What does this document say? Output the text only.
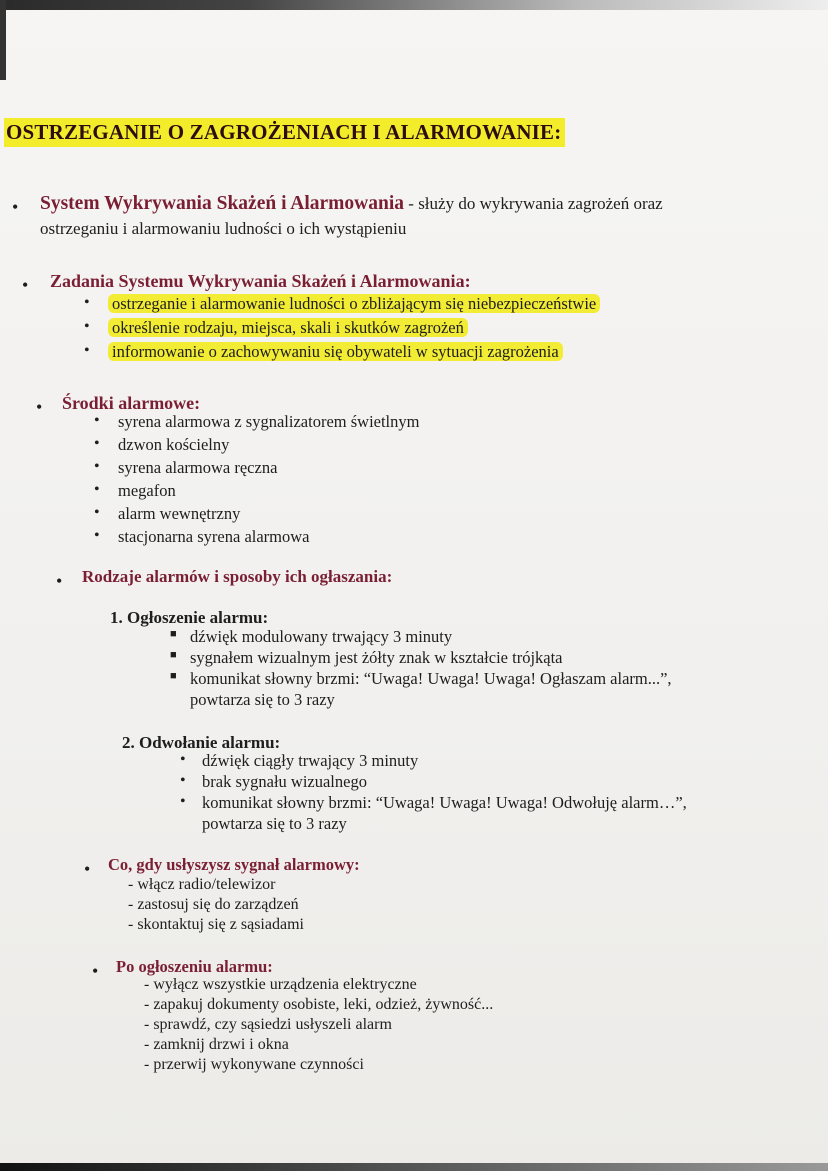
OSTRZEGANIE O ZAGROŻENIACH I ALARMOWANIE:
• System Wykrywania Skażeń i Alarmowania - służy do wykrywania zagrożeń oraz
ostrzeganiu i alarmowaniu ludności o ich wystąpieniu
• Zadania Systemu Wykrywania Skażeń i Alarmowania:
• ostrzeganie i alarmowanie ludności o zbliżającym się niebezpieczeństwie
• określenie rodzaju, miejsca, skali i skutków zagrożeń
• informowanie o zachowywaniu się obywateli w sytuacji zagrożenia
• Środki alarmowe:
• syrena alarmowa z sygnalizatorem świetlnym
• dzwon kościelny
• syrena alarmowa ręczna
• megafon
• alarm wewnętrzny
• stacjonarna syrena alarmowa
• Rodzaje alarmów i sposoby ich ogłaszania:
1. Ogłoszenie alarmu:
■ dźwięk modulowany trwający 3 minuty
■ sygnałem wizualnym jest żółty znak w kształcie trójkąta
■ komunikat słowny brzmi: “Uwaga! Uwaga! Uwaga! Ogłaszam alarm...”,
powtarza się to 3 razy
2. Odwołanie alarmu:
• dźwięk ciągły trwający 3 minuty
• brak sygnału wizualnego
• komunikat słowny brzmi: “Uwaga! Uwaga! Uwaga! Odwołuję alarm…”,
powtarza się to 3 razy
• Co, gdy usłyszysz sygnał alarmowy:
- włącz radio/telewizor
- zastosuj się do zarządzeń
- skontaktuj się z sąsiadami
• Po ogłoszeniu alarmu:
- wyłącz wszystkie urządzenia elektryczne
- zapakuj dokumenty osobiste, leki, odzież, żywność...
- sprawdź, czy sąsiedzi usłyszeli alarm
- zamknij drzwi i okna
- przerwij wykonywane czynności
